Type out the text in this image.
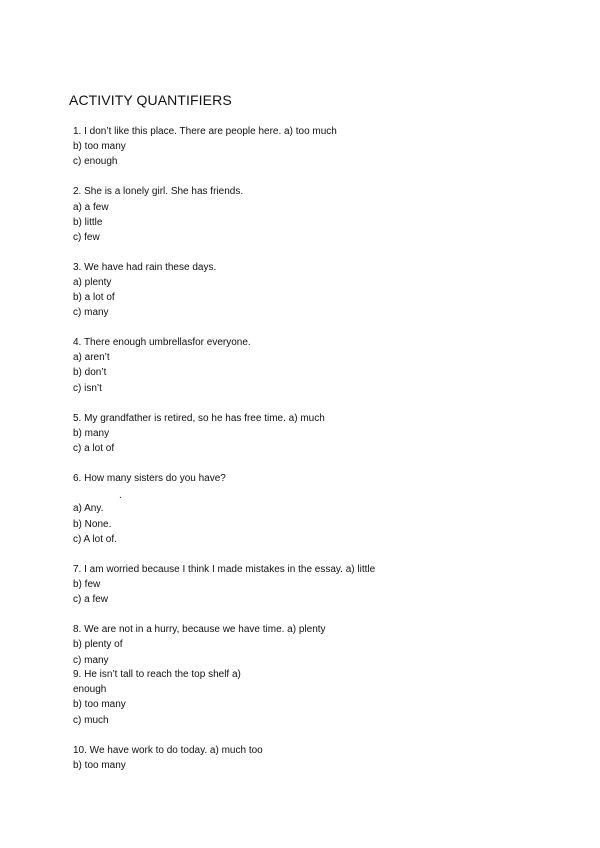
ACTIVITY QUANTIFIERS
1. I don’t like this place. There are people here. a) too much
b) too many
c) enough
2. She is a lonely girl. She has friends.
a) a few
b) little
c) few
3. We have had rain these days.
a) plenty
b) a lot of
c) many
4. There enough umbrellasfor everyone.
a) aren’t
b) don’t
c) isn’t
5. My grandfather is retired, so he has free time. a) much
b) many
c) a lot of
6. How many sisters do you have?
.
a) Any.
b) None.
c) A lot of.
7. I am worried because I think I made mistakes in the essay. a) little
b) few
c) a few
8. We are not in a hurry, because we have time. a) plenty
b) plenty of
c) many
9. He isn’t tall to reach the top shelf a)
enough
b) too many
c) much
10. We have work to do today. a) much too
b) too many
